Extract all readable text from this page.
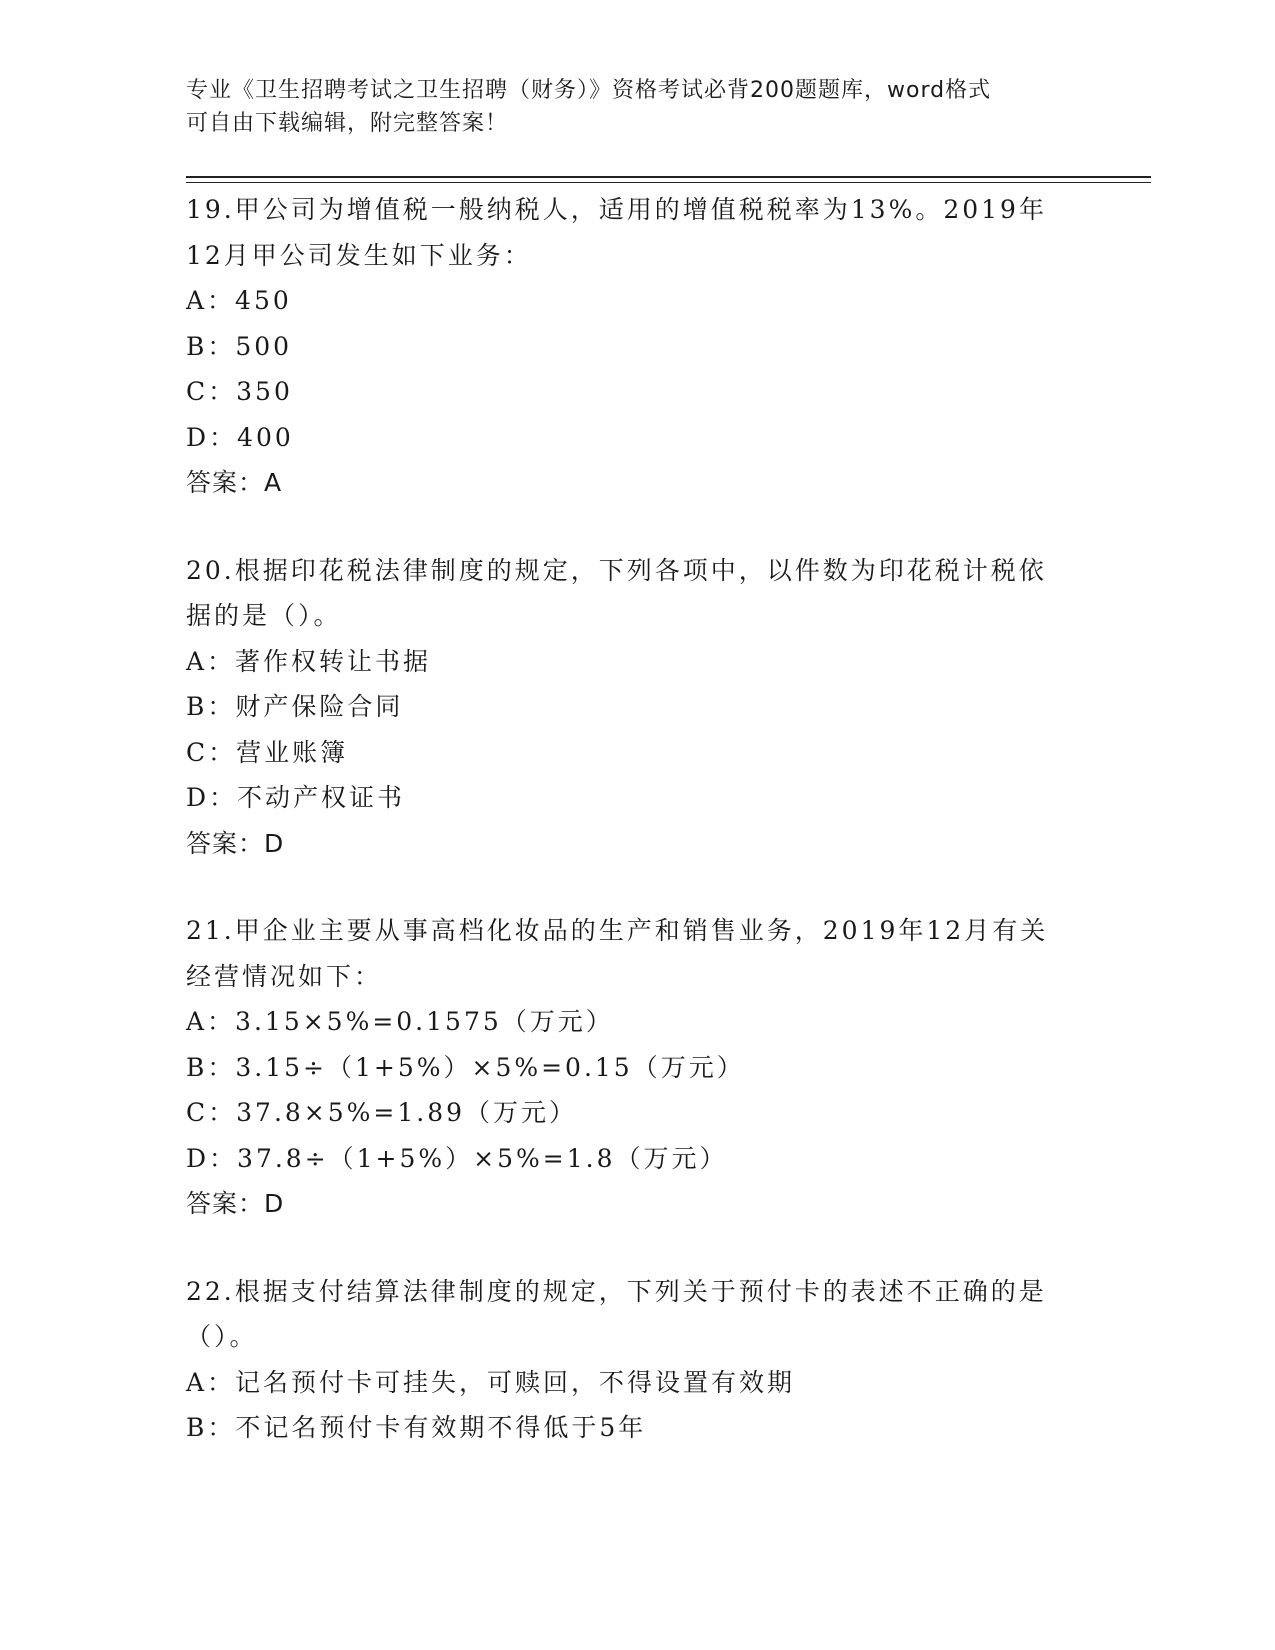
专业《卫生招聘考试之卫生招聘（财务）》资格考试必背200题题库，word格式
可自由下载编辑，附完整答案！
19.甲公司为增值税一般纳税人，适用的增值税税率为13%。2019年
12月甲公司发生如下业务：
A：450
B：500
C：350
D：400
答案：A
20.根据印花税法律制度的规定，下列各项中，以件数为印花税计税依
据的是（）。
A：著作权转让书据
B：财产保险合同
C：营业账簿
D：不动产权证书
答案：D
21.甲企业主要从事高档化妆品的生产和销售业务，2019年12月有关
经营情况如下：
A：3.15×5%=0.1575（万元）
B：3.15÷（1+5%）×5%=0.15（万元）
C：37.8×5%=1.89（万元）
D：37.8÷（1+5%）×5%=1.8（万元）
答案：D
22.根据支付结算法律制度的规定，下列关于预付卡的表述不正确的是
（）。
A：记名预付卡可挂失，可赎回，不得设置有效期
B：不记名预付卡有效期不得低于5年
